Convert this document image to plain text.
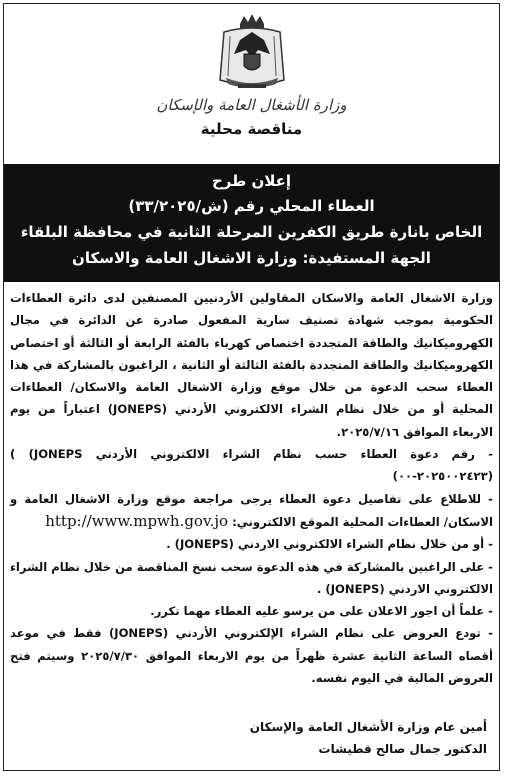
وزارة الأشغال العامة والإسكان
مناقصة محلية
إعلان طرح
العطاء المحلي رقم (ش/٣٣/٢٠٢٥)
الخاص بانارة طريق الكفرين المرحلة الثانية في محافظة البلقاء
الجهة المستفيدة: وزارة الاشغال العامة والاسكان

وزارة الاشغال العامة والاسكان المقاولين الأردنيين المصنفين لدى دائرة العطاءات الحكومية بموجب شهادة تصنيف سارية المفعول صادرة عن الدائرة في مجال الكهروميكانيك والطاقة المتجددة اختصاص كهرباء بالفئة الرابعة أو الثالثة أو اختصاص الكهروميكانيك والطاقة المتجددة بالفئة الثالثة أو الثانية ، الراغبون بالمشاركة في هذا العطاء سحب الدعوة من خلال موقع وزارة الاشغال العامة والاسكان/ العطاءات المحلية أو من خلال نظام الشراء الالكتروني الأردني (JONEPS) اعتباراً من يوم الاربعاء الموافق ٢٠٢٥/٧/١٦.

- رقم دعوة العطاء حسب نظام الشراء الالكتروني الأردني JONEPS) ) (٢٠٢٥٠٠٢٤٢٣-٠٠)

- للاطلاع على تفاصيل دعوة العطاء يرجى مراجعة موقع وزارة الاشغال العامة و الاسكان/ العطاءات المحلية الموقع الالكتروني: http://www.mpwh.gov.jo

- أو من خلال نظام الشراء الالكتروني الاردني (JONEPS) .

- على الراغبين بالمشاركة في هذه الدعوة سحب نسخ المناقصة من خلال نظام الشراء الالكتروني الاردني (JONEPS) .

- علماً أن اجور الاعلان على من يرسو عليه العطاء مهما تكرر.

- تودع العروض على نظام الشراء الإلكتروني الأردني (JONEPS) فقط في موعد أقصاه الساعة الثانية عشرة ظهراً من يوم الاربعاء الموافق ٢٠٢٥/٧/٣٠ وسيتم فتح العروض المالية في اليوم نفسه.

أمين عام وزارة الأشغال العامة والإسكان
الدكتور جمال صالح قطيشات
